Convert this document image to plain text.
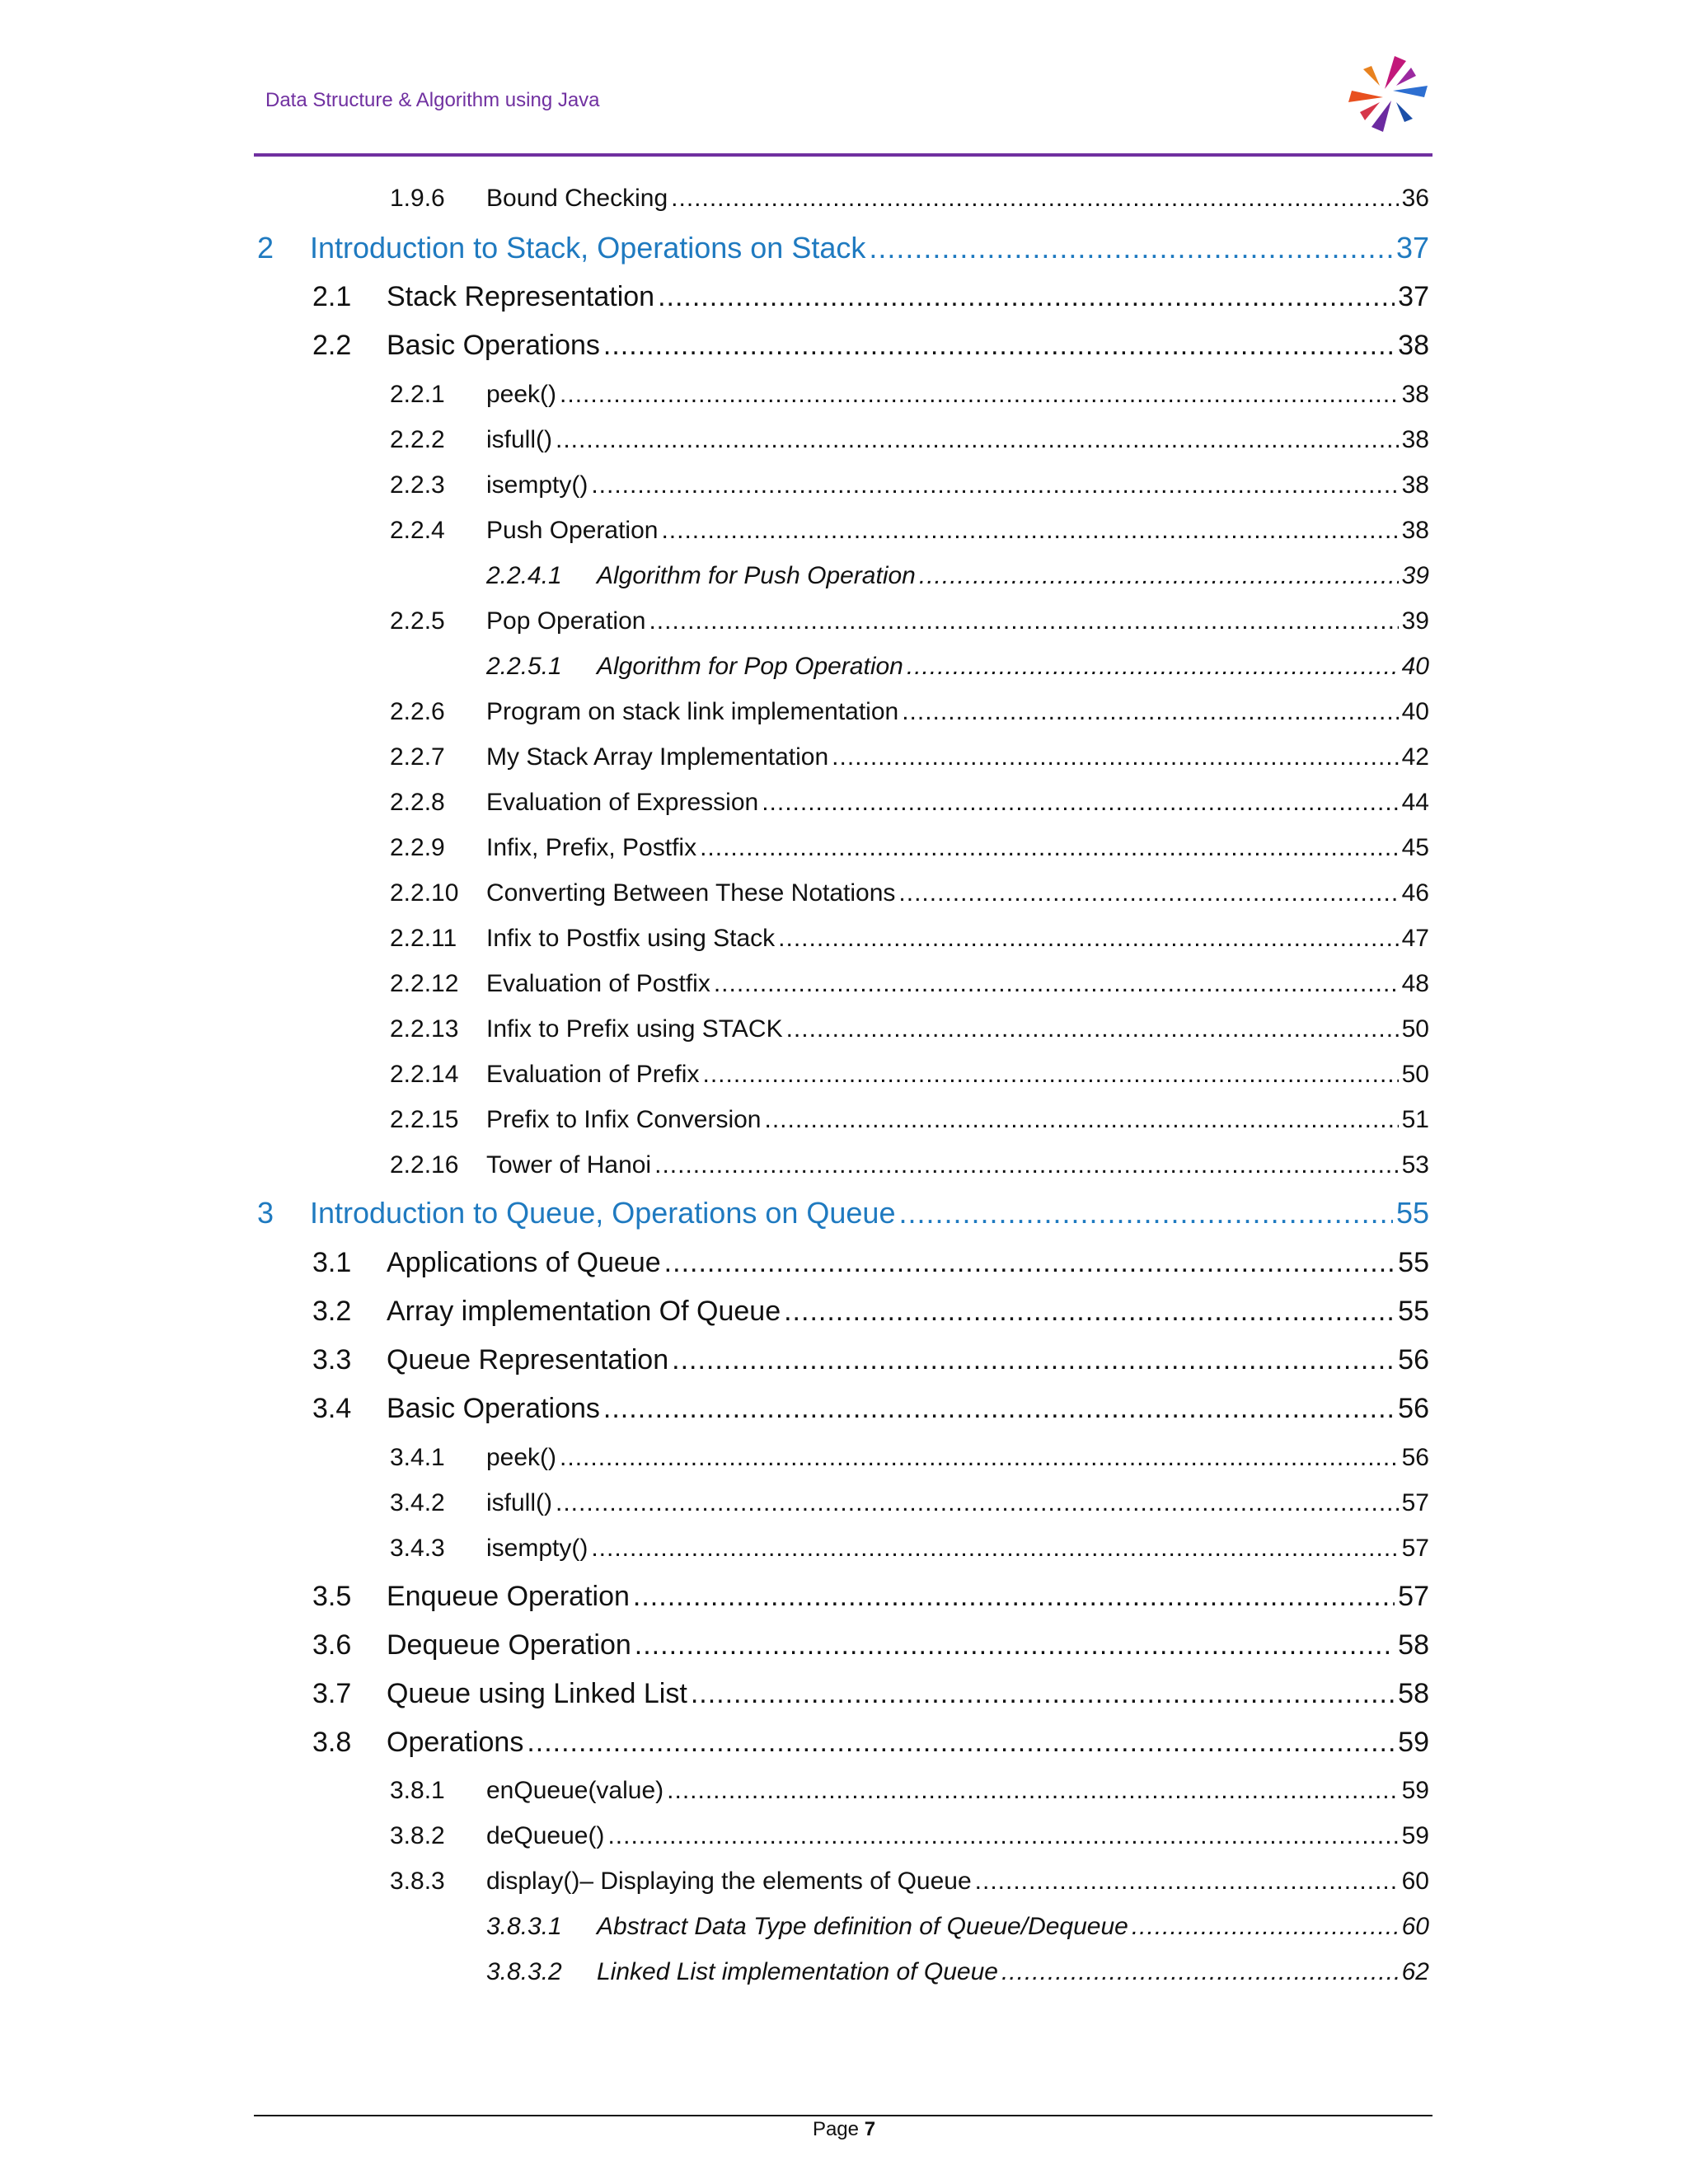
Data Structure & Algorithm using Java
1.9.6	Bound Checking .....	36
2	Introduction to Stack, Operations on Stack .....	37
2.1	Stack Representation .....	37
2.2	Basic Operations .....	38
2.2.1	peek() .....	38
2.2.2	isfull() .....	38
2.2.3	isempty() .....	38
2.2.4	Push Operation .....	38
2.2.4.1	Algorithm for Push Operation .....	39
2.2.5	Pop Operation .....	39
2.2.5.1	Algorithm for Pop Operation .....	40
2.2.6	Program on stack link implementation .....	40
2.2.7	My Stack Array Implementation .....	42
2.2.8	Evaluation of Expression .....	44
2.2.9	Infix, Prefix, Postfix .....	45
2.2.10	Converting Between These Notations .....	46
2.2.11	Infix to Postfix using Stack .....	47
2.2.12	Evaluation of Postfix .....	48
2.2.13	Infix to Prefix using STACK .....	50
2.2.14	Evaluation of Prefix .....	50
2.2.15	Prefix to Infix Conversion .....	51
2.2.16	Tower of Hanoi .....	53
3	Introduction to Queue, Operations on Queue .....	55
3.1	Applications of Queue .....	55
3.2	Array implementation Of Queue .....	55
3.3	Queue Representation .....	56
3.4	Basic Operations .....	56
3.4.1	peek() .....	56
3.4.2	isfull() .....	57
3.4.3	isempty() .....	57
3.5	Enqueue Operation .....	57
3.6	Dequeue Operation .....	58
3.7	Queue using Linked List .....	58
3.8	Operations .....	59
3.8.1	enQueue(value) .....	59
3.8.2	deQueue() .....	59
3.8.3	display()– Displaying the elements of Queue .....	60
3.8.3.1	Abstract Data Type definition of Queue/Dequeue .....	60
3.8.3.2	Linked List implementation of Queue .....	62
Page 7
